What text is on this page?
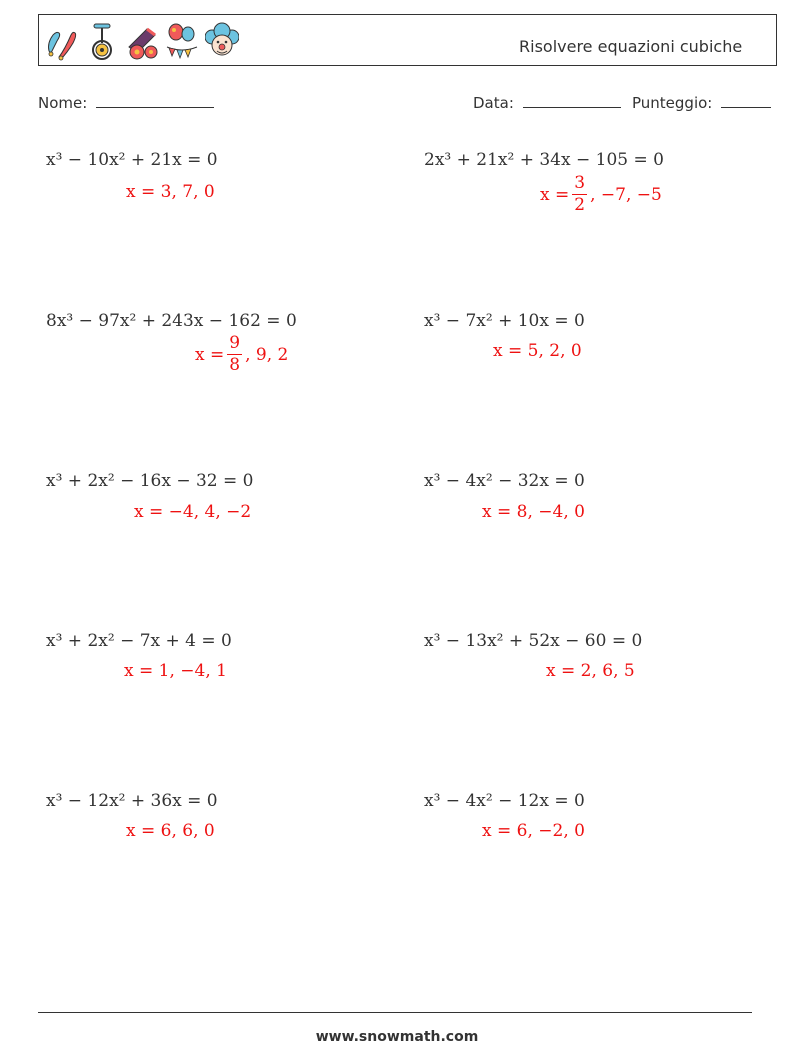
Risolvere equazioni cubiche
Nome:	Data:	Punteggio:
x³ − 10x² + 21x = 0
x = 3, 7, 0
8x³ − 97x² + 243x − 162 = 0
$x = \frac{9}{8}$ , 9, 2
x³ + 2x² − 16x − 32 = 0
x = −4, 4, −2
x³ + 2x² − 7x + 4 = 0
x = 1, −4, 1
x³ − 12x² + 36x = 0
x = 6, 6, 0
2x³ + 21x² + 34x − 105 = 0
$x = \frac{3}{2}$ , −7, −5
x³ − 7x² + 10x = 0
x = 5, 2, 0
x³ − 4x² − 32x = 0
x = 8, −4, 0
x³ − 13x² + 52x − 60 = 0
x = 2, 6, 5
x³ − 4x² − 12x = 0
x = 6, −2, 0
www.snowmath.com
